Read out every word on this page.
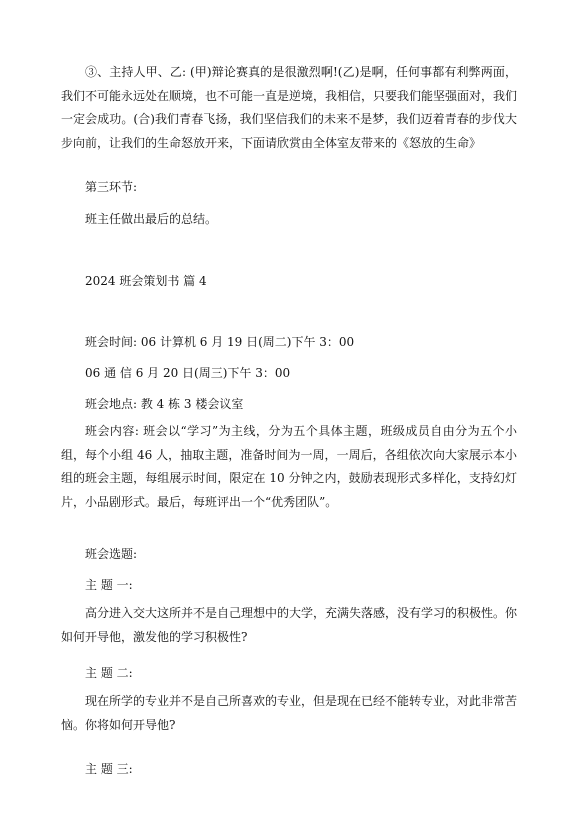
③、主持人甲、乙: (甲)辩论赛真的是很激烈啊!(乙)是啊，任何事都有利弊两面，我们不可能永远处在顺境，也不可能一直是逆境，我相信，只要我们能坚强面对，我们一定会成功。(合)我们青春飞扬，我们坚信我们的未来不是梦，我们迈着青春的步伐大步向前，让我们的生命怒放开来，下面请欣赏由全体室友带来的《怒放的生命》

第三环节:

班主任做出最后的总结。

2024 班会策划书 篇 4

班会时间: 06 计算机 6 月 19 日(周二)下午 3：00

06 通 信 6 月 20 日(周三)下午 3：00

班会地点: 教 4 栋 3 楼会议室

班会内容: 班会以“学习”为主线，分为五个具体主题，班级成员自由分为五个小组，每个小组 46 人，抽取主题，准备时间为一周，一周后，各组依次向大家展示本小组的班会主题，每组展示时间，限定在 10 分钟之内，鼓励表现形式多样化，支持幻灯片，小品剧形式。最后，每班评出一个“优秀团队”。

班会选题:

主 题 一:

高分进入交大这所并不是自己理想中的大学，充满失落感，没有学习的积极性。你如何开导他，激发他的学习积极性?

主 题 二:

现在所学的专业并不是自己所喜欢的专业，但是现在已经不能转专业，对此非常苦恼。你将如何开导他?

主 题 三:
